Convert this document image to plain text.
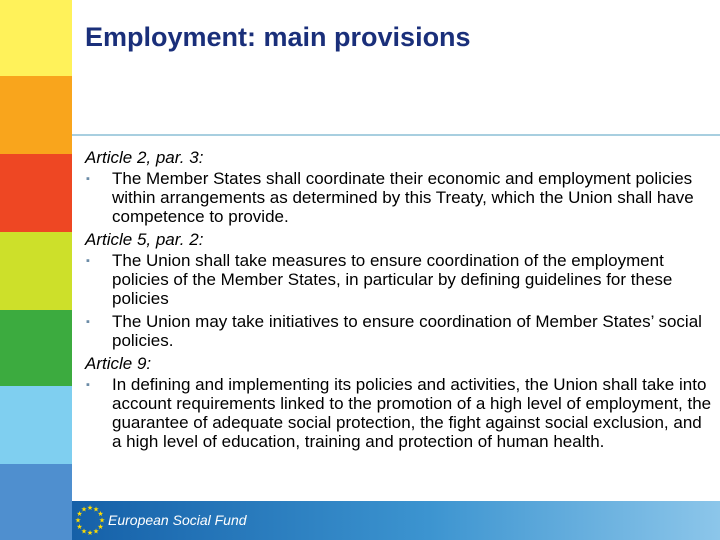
Employment: main provisions
Article 2, par. 3:
▪ The Member States shall coordinate their economic and employment policies within arrangements as determined by this Treaty, which the Union shall have competence to provide.
Article 5, par. 2:
▪ The Union shall take measures to ensure coordination of the employment policies of the Member States, in particular by defining guidelines for these policies
▪ The Union may take initiatives to ensure coordination of Member States’ social policies.
Article 9:
▪ In defining and implementing its policies and activities, the Union shall take into account requirements linked to the promotion of a high level of employment, the guarantee of adequate social protection, the fight against social exclusion, and a high level of education, training and protection of human health.
★ ★
★
★
★
★
★
★
★
★
★
★
European Social Fund
